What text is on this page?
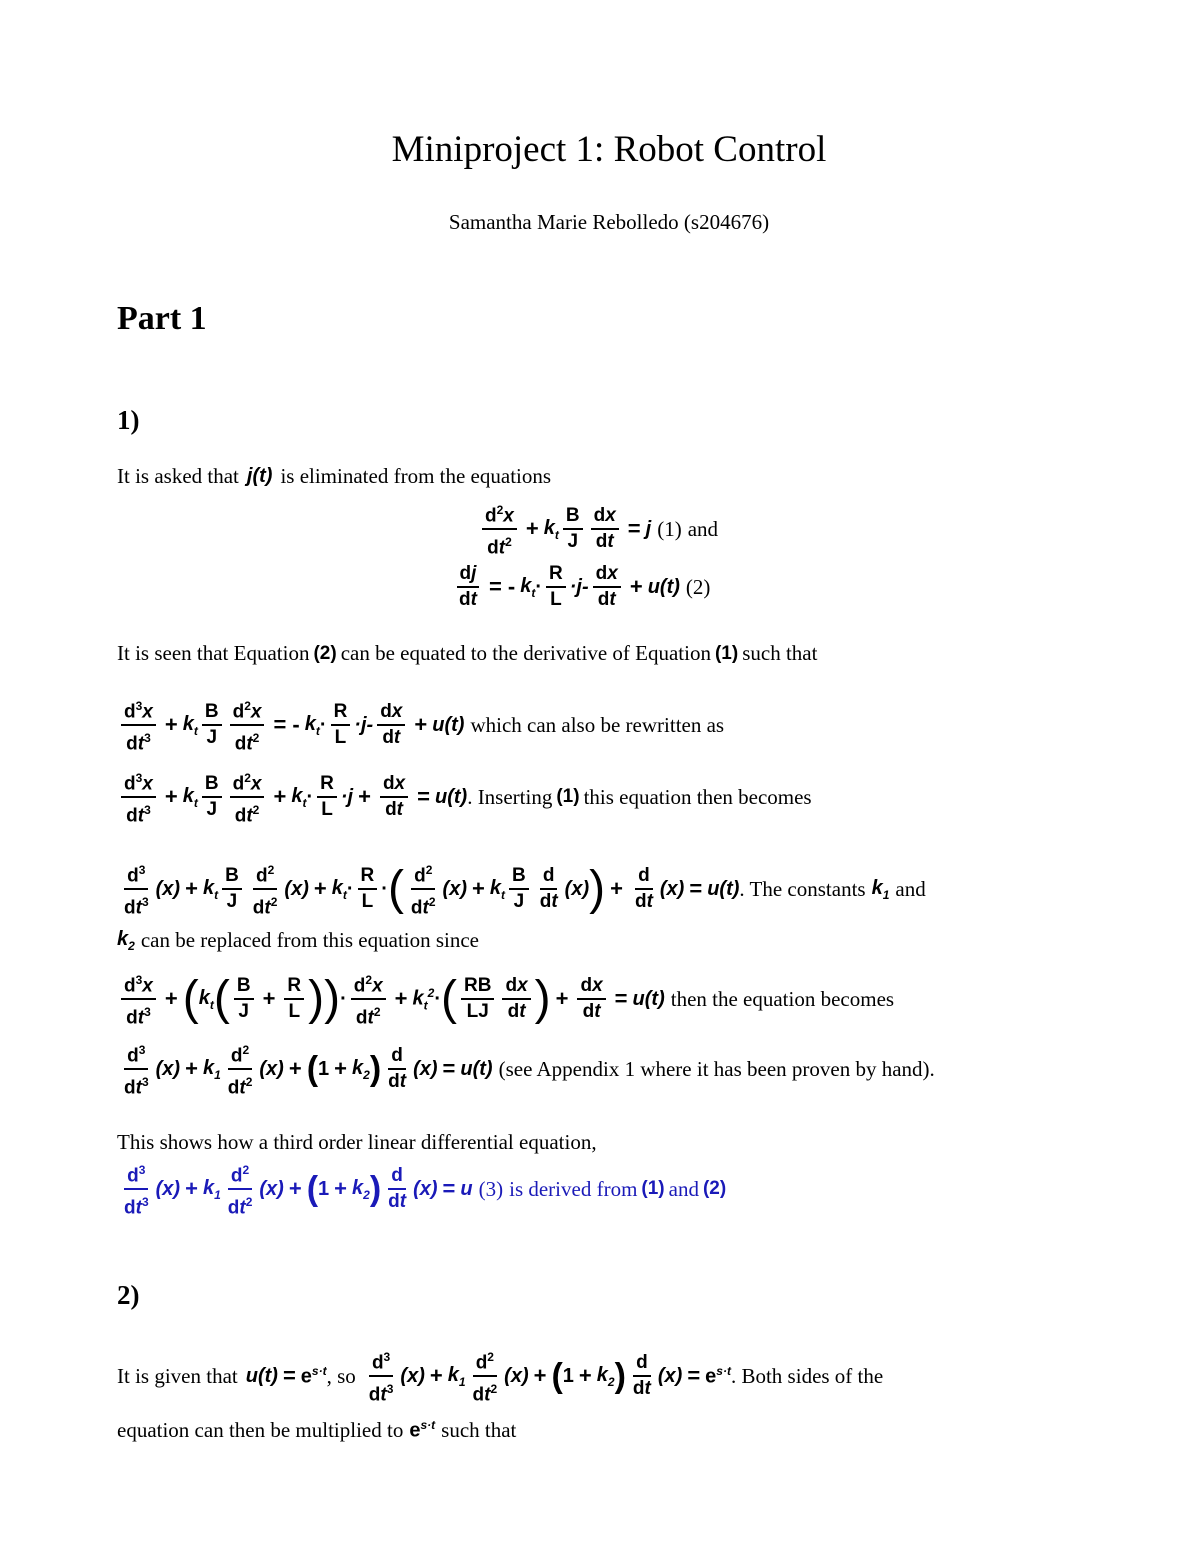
Miniproject 1: Robot Control
Samantha Marie Rebolledo (s204676)
Part 1
1)
It is asked that j(t) is eliminated from the equations
$\frac{d^2x}{dt^2} + k_t \frac{B}{J} \frac{dx}{dt} = j$ (1) and
$\frac{dj}{dt}$ = - $k_t \cdot \frac{R}{L} \cdot j- \frac{dx}{dt} + u(t)$ (2)
It is seen that Equation (2) can be equated to the derivative of Equation (1) such that
$\frac{d^3x}{dt^3} + k_t \frac{B}{J} \frac{d^2x}{dt^2}$ = - $k_t \cdot \frac{R}{L} \cdot j- \frac{dx}{dt} + u(t)$ which can also be rewritten as
$\frac{d^3x}{dt^3} + k_t \frac{B}{J} \frac{d^2x}{dt^2} + k_t \cdot \frac{R}{L} \cdot j + \frac{dx}{dt} = u(t)$ . Inserting (1) this equation then becomes
$\frac{d^3}{dt^3} (x) + k_t \frac{B}{J} \frac{d^2}{dt^2} (x) + k_t \cdot \frac{R}{L}$ · ( $\frac{d^2}{dt^2} (x) + k_t \frac{B}{J} \frac{d}{dt} (x)$ ) + $\frac{d}{dt} (x) = u(t)$ . The constants $k_1$ and
$k_2$ can be replaced from this equation since
$\frac{d^3x}{dt^3}$ + ( $k_t$ ( $\frac{B}{J} + \frac{R}{L}$ )) · $\frac{d^2x}{dt^2} + k_t^2$ · ( $\frac{RB}{LJ} \frac{dx}{dt}$ ) + $\frac{dx}{dt} = u(t)$ then the equation becomes
$\frac{d^3}{dt^3} (x) + k_1 \frac{d^2}{dt^2} (x)$ + ( $1 + k_2$ ) $\frac{d}{dt} (x) = u(t)$ (see Appendix 1 where it has been proven by hand).
This shows how a third order linear differential equation,
$\frac{d^3}{dt^3} (x) + k_1 \frac{d^2}{dt^2} (x)$ + ( $1 + k_2$ ) $\frac{d}{dt} (x) = u$ (3) is derived from (1) and (2)
2)
It is given that $u(t) = e^{s\cdot t}$ , so $\frac{d^3}{dt^3} (x) + k_1 \frac{d^2}{dt^2} (x)$ + ( $1 + k_2$ ) $\frac{d}{dt} (x) = e^{s\cdot t}$ . Both sides of the
equation can then be multiplied to $e^{s\cdot t}$ such that
